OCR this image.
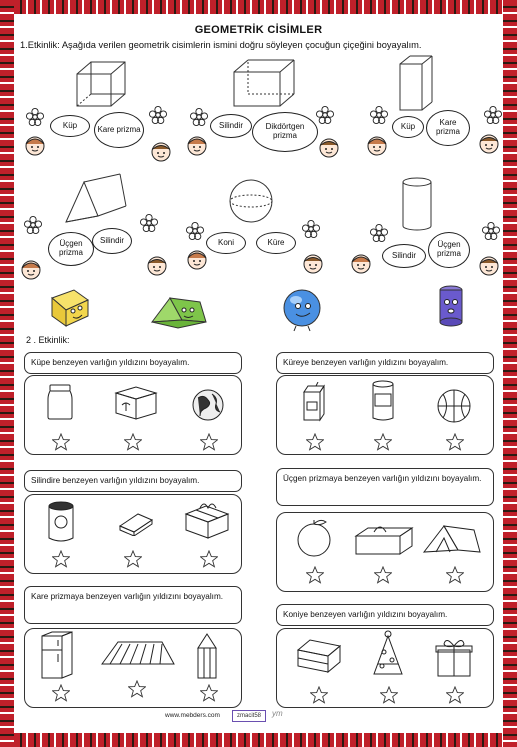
GEOMETRİK CİSİMLER
1.Etkinlik: Aşağıda verilen geometrik cisimlerin ismini doğru söyleyen çocuğun çiçeğini boyayalım.
Küp	Kare prizma	Silindir	Dikdörtgen prizma
Küp	Kare prizma
Üçgen prizma
Silindir	Koni	Küre
Silindir
Üçgen prizma
2 . Etkinlik:
Küpe benzeyen varlığın yıldızını boyayalım.	Küreye benzeyen varlığın yıldızını boyayalım.
Silindire benzeyen varlığın yıldızını boyayalım.	Üçgen prizmaya benzeyen varlığın yıldızını boyayalım.
Kare prizmaya benzeyen varlığın yıldızını boyayalım.
Koniye benzeyen varlığın yıldızını boyayalım.
www.mebders.com	zmacit58	ym
